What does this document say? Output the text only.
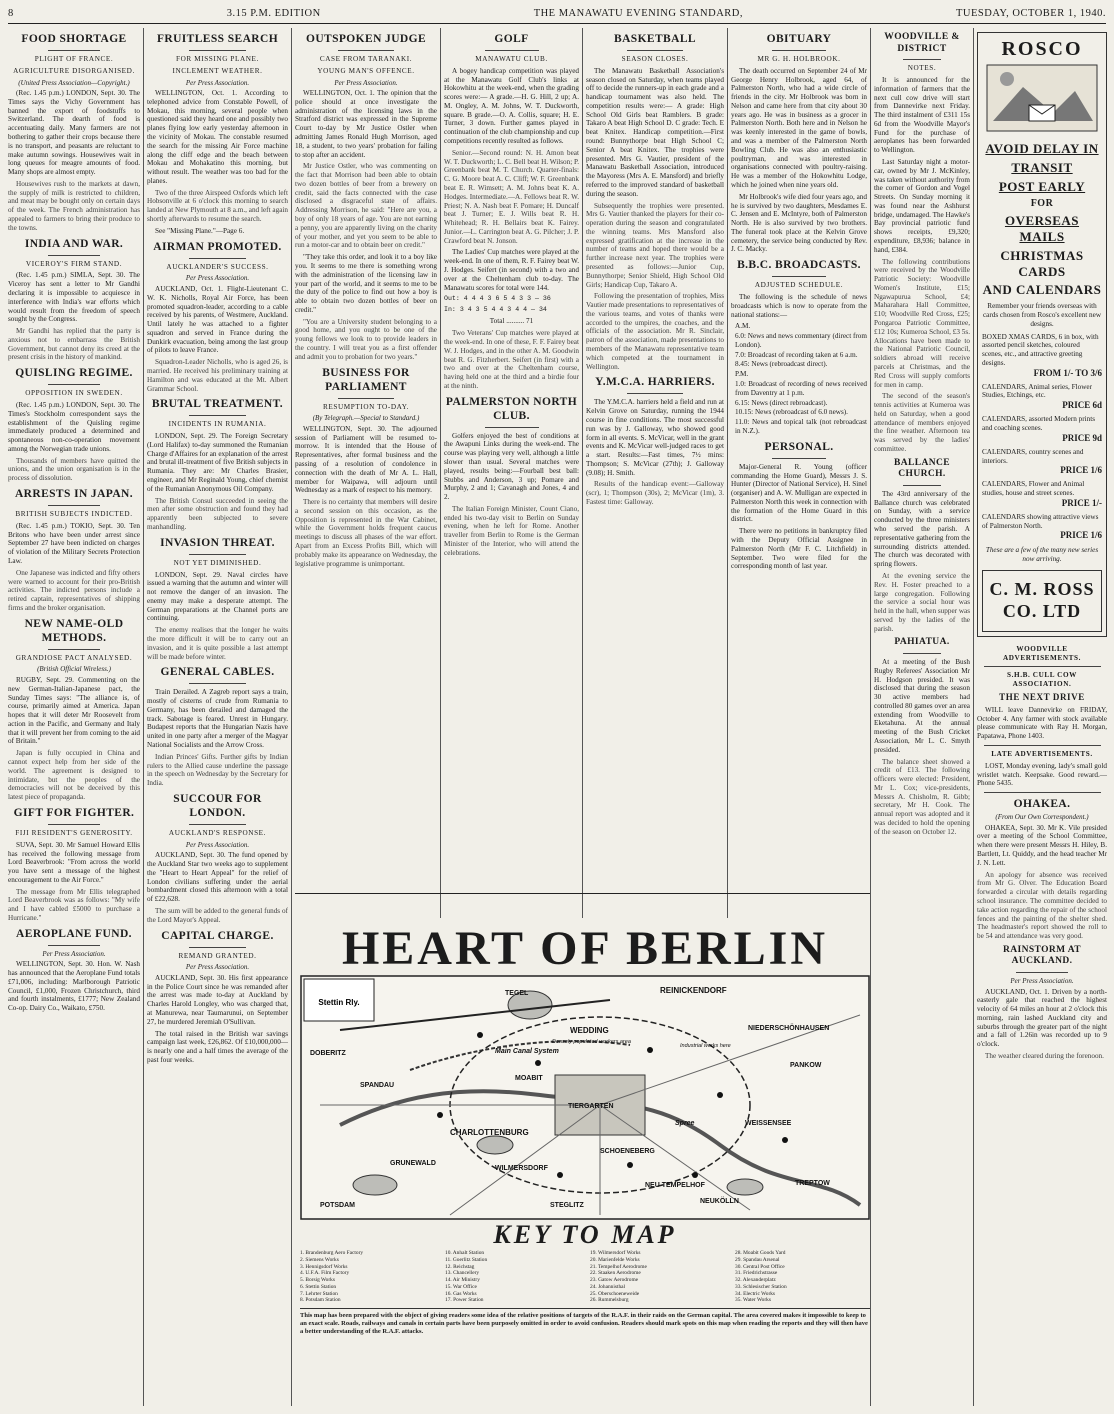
8	3.15 P.M. EDITION	THE MANAWATU EVENING STANDARD,	TUESDAY, OCTOBER 1, 1940.
FOOD SHORTAGE
PLIGHT OF FRANCE.
AGRICULTURE DISORGANISED.
(United Press Association—Copyright.)

(Rec. 1.45 p.m.) LONDON, Sept. 30. The Times says the Vichy Government has banned the export of foodstuffs to Switzerland. The dearth of food is accentuating daily. Many farmers are not bothering to gather their crops because there is no transport, and peasants are reluctant to make autumn sowings. Housewives wait in long queues for meagre amounts of food. Many shops are almost empty.

Housewives rush to the markets at dawn, the supply of milk is restricted to children, and meat may be bought only on certain days of the week. The French administration has appealed to farmers to bring their produce to the towns.

INDIA AND WAR.
VICEROY'S FIRM STAND.

(Rec. 1.45 p.m.) SIMLA, Sept. 30. The Viceroy has sent a letter to Mr Gandhi declaring it is impossible to acquiesce in interference with India's war efforts which would result from the freedom of speech sought by the Congress.

Mr Gandhi has replied that the party is anxious not to embarrass the British Government, but cannot deny its creed at the present crisis in the history of mankind.

QUISLING REGIME.
OPPOSITION IN SWEDEN.

(Rec. 1.45 p.m.) LONDON, Sept. 30. The Times's Stockholm correspondent says the establishment of the Quisling regime immediately produced a determined and spontaneous non-co-operation movement among the Norwegian trade unions.

Thousands of members have quitted the unions, and the union organisation is in the process of dissolution.

ARRESTS IN JAPAN.
BRITISH SUBJECTS INDICTED.

(Rec. 1.45 p.m.) TOKIO, Sept. 30. Ten Britons who have been under arrest since September 27 have been indicted on charges of violation of the Military Secrets Protection Law.

One Japanese was indicted and fifty others were warned to account for their pro-British activities. The indicted persons include a retired captain, representatives of shipping firms and the broker organisation.

NEW NAME-OLD METHODS.
GRANDIOSE PACT ANALYSED.
(British Official Wireless.)

RUGBY, Sept. 29. Commenting on the new German-Italian-Japanese pact, the Sunday Times says: "The alliance is, of course, primarily aimed at America. Japan hopes that it will deter Mr Roosevelt from action in the Pacific, and Germany and Italy that it will prevent her from coming to the aid of Britain."

Japan is fully occupied in China and cannot expect help from her side of the world. The agreement is designed to intimidate, but the peoples of the democracies will not be deceived by this latest piece of propaganda.

GIFT FOR FIGHTER.
FIJI RESIDENT'S GENEROSITY.

SUVA, Sept. 30. Mr Samuel Howard Ellis has received the following message from Lord Beaverbrook: "From across the world you have sent a message of the highest encouragement to the Air Force."

The message from Mr Ellis telegraphed Lord Beaverbrook was as follows: "My wife and I have cabled £5000 to purchase a Hurricane."

AEROPLANE FUND.
Per Press Association.

WELLINGTON, Sept. 30. Hon. W. Nash has announced that the Aeroplane Fund totals £71,006, including: Marlborough Patriotic Council, £1,000, Frozen Christchurch, third and fourth instalments, £1777; New Zealand Co-op. Dairy Co., Waikato, £750.

FRUITLESS SEARCH
FOR MISSING PLANE.
INCLEMENT WEATHER.
Per Press Association.

WELLINGTON, Oct. 1. According to telephoned advice from Constable Powell, of Mokau, this morning, several people when questioned said they heard one and possibly two planes flying low early yesterday afternoon in the vicinity of Mokau. The constable resumed the search for the missing Air Force machine along the cliff edge and the beach between Mokau and Mohakatino this morning, but without result. The weather was too bad for the planes.

Two of the three Airspeed Oxfords which left Hobsonville at 6 o'clock this morning to search landed at New Plymouth at 8 a.m., and left again shortly afterwards to resume the search.

See "Missing Plane."—Page 6.

AIRMAN PROMOTED.
AUCKLANDER'S SUCCESS.
Per Press Association.

AUCKLAND, Oct. 1. Flight-Lieutenant C. W. K. Nicholls, Royal Air Force, has been promoted squadron-leader, according to a cable received by his parents, of Westmere, Auckland. Until lately he was attached to a fighter squadron and served in France during the Dunkirk evacuation, being among the last group of pilots to leave France.

Squadron-Leader Nicholls, who is aged 26, is married. He received his preliminary training at Hamilton and was educated at the Mt. Albert Grammar School.

BRUTAL TREATMENT.
INCIDENTS IN RUMANIA.

LONDON, Sept. 29. The Foreign Secretary (Lord Halifax) to-day summoned the Rumanian Charge d'Affaires for an explanation of the arrest and brutal ill-treatment of five British subjects in Rumania. They are: Mr Charles Brasier, engineer, and Mr Reginald Young, chief chemist of the Rumanian Anonymous Oil Company.

The British Consul succeeded in seeing the men after some obstruction and found they had apparently been subjected to severe manhandling.

INVASION THREAT.
NOT YET DIMINISHED.

LONDON, Sept. 29. Naval circles have issued a warning that the autumn and winter will not remove the danger of an invasion. The enemy may make a desperate attempt. The German preparations at the Channel ports are continuing.

The enemy realises that the longer he waits the more difficult it will be to carry out an invasion, and it is quite possible a last attempt will be made before winter.

GENERAL CABLES.

Train Derailed. A Zagreb report says a train, mostly of cisterns of crude from Rumania to Germany, has been derailed and damaged the track. Sabotage is feared. Unrest in Hungary. Budapest reports that the Hungarian Nazis have united in one party after a merger of the Magyar National Socialists and the Arrow Cross.

Indian Princes' Gifts. Further gifts by Indian rulers to the Allied cause underline the passage in the speech on Wednesday by the Secretary for India.

SUCCOUR FOR LONDON.
AUCKLAND'S RESPONSE.
Per Press Association.

AUCKLAND, Sept. 30. The fund opened by the Auckland Star two weeks ago to supplement the "Heart to Heart Appeal" for the relief of London civilians suffering under the aerial bombardment closed this afternoon with a total of £22,628.

The sum will be added to the general funds of the Lord Mayor's Appeal.

CAPITAL CHARGE.
REMAND GRANTED.
Per Press Association.

AUCKLAND, Sept. 30. His first appearance in the Police Court since he was remanded after the arrest was made to-day at Auckland by Charles Harold Longley, who was charged that, at Manurewa, near Taumarunui, on September 27, he murdered Jeremiah O'Sullivan.

The total raised in the British war savings campaign last week, £26,862. Of £10,000,000—is nearly one and a half times the average of the past four weeks.

OUTSPOKEN JUDGE
CASE FROM TARANAKI.
YOUNG MAN'S OFFENCE.
Per Press Association.

WELLINGTON, Oct. 1. The opinion that the police should at once investigate the administration of the licensing laws in the Stratford district was expressed in the Supreme Court to-day by Mr Justice Ostler when admitting James Ronald Hugh Morrison, aged 18, a student, to two years' probation for failing to stop after an accident.

Mr Justice Ostler, who was commenting on the fact that Morrison had been able to obtain two dozen bottles of beer from a brewery on credit, said the facts connected with the case disclosed a disgraceful state of affairs. Addressing Morrison, he said: "Here are you, a boy of only 18 years of age. You are not earning a penny, you are apparently living on the charity of your mother, and yet you seem to be able to run a motor-car and to obtain beer on credit."

"They take this order, and look it to a boy like you. It seems to me there is something wrong with the administration of the licensing law in your part of the world, and it seems to me to be the duty of the police to find out how a boy is able to obtain two dozen bottles of beer on credit."

"You are a University student belonging to a good home, and you ought to be one of the young fellows we look to to provide leaders in the country. I will treat you as a first offender and admit you to probation for two years."

BUSINESS FOR PARLIAMENT
RESUMPTION TO-DAY.
(By Telegraph.—Special to Standard.)

WELLINGTON, Sept. 30. The adjourned session of Parliament will be resumed to-morrow. It is intended that the House of Representatives, after formal business and the passing of a resolution of condolence in connection with the death of Mr A. L. Hall, member for Waipawa, will adjourn until Wednesday as a mark of respect to his memory.

There is no certainty that members will desire a second session on this occasion, as the Opposition is represented in the War Cabinet, while the Government holds frequent caucus meetings to discuss all phases of the war effort. Apart from an Excess Profits Bill, which will probably make its appearance on Wednesday, the legislative programme is unimportant.

GOLF
MANAWATU CLUB.

A bogey handicap competition was played at the Manawatu Golf Club's links at Hokowhitu at the week-end, when the grading scores were:— A grade.—H. G. Hill, 2 up; A. M. Ongley, A. M. Johns, W. T. Duckworth, square. B grade.—O. A. Collis, square; H. E. Turner, 3 down. Further games played in continuation of the club championship and cup competitions recently resulted as follows.

Senior.—Second round: N. H. Amon beat W. T. Duckworth; L. C. Bell beat H. Wilson; P. Greenbank beat M. T. Church. Quarter-finals: C. G. Moore beat A. C. Cliff; W. F. Greenbank beat E. R. Wimsett; A. M. Johns beat K. A. Hodges. Intermediate.—A. Fellows beat R. W. Priest; N. A. Nash beat F. Pomare; H. Duncalf beat J. Turner; E. J. Wills beat R. H. Whitehead; R. H. Bellairs beat K. Fairey. Junior.—L. Carrington beat A. G. Pilcher; J. P. Crawford beat N. Jonson.

The Ladies' Cup matches were played at the week-end. In one of them, R. F. Fairey beat W. J. Hodges. Seifert (in second) with a two and over at the Cheltenham club to-day. The Manawatu scores for total were 144.

Out: 4 4 4 3 6 5 4 3 3 — 36

In: 3 4 3 5 4 4 3 4 4 — 34

Total .......... 71

Two Veterans' Cup matches were played at the week-end. In one of these, F. F. Fairey beat W. J. Hodges, and in the other A. M. Goodwin beat R. G. Fitzherbert. Seifert (in first) with a two and over at the Cheltenham course, having held one at the third and a birdie four at the ninth.

PALMERSTON NORTH CLUB.

Golfers enjoyed the best of conditions at the Awapuni Links during the week-end. The course was playing very well, although a little slower than usual. Several matches were played, results being:—Fourball best ball: Stubbs and Anderson, 3 up; Pomare and Murphy, 2 and 1; Cavanagh and Jones, 4 and 2.

The Italian Foreign Minister, Count Ciano, ended his two-day visit to Berlin on Sunday evening, when he left for Rome. Another traveller from Berlin to Rome is the German Minister of the Interior, who will attend the celebrations.

BASKETBALL
SEASON CLOSES.

The Manawatu Basketball Association's season closed on Saturday, when teams played off to decide the runners-up in each grade and a handicap tournament was also held. The competition results were:— A grade: High School Old Girls beat Ramblers. B grade: Takaro A beat High School D. C grade: Tech. E beat Knitex. Handicap competition.—First round: Bunnythorpe beat High School C; Senior A beat Knitex. The trophies were presented. Mrs G. Vautier, president of the Manawatu Basketball Association, introduced the Mayoress (Mrs A. E. Mansford) and briefly referred to the improved standard of basketball during the season.

Subsequently the trophies were presented. Mrs G. Vautier thanked the players for their co-operation during the season and congratulated the winning teams. Mrs Mansford also expressed gratification at the increase in the number of teams and hoped there would be a further increase next year. The trophies were presented as follows:—Junior Cup, Bunnythorpe; Senior Shield, High School Old Girls; Handicap Cup, Takaro A.

Following the presentation of trophies, Miss Vautier made presentations to representatives of the various teams, and votes of thanks were accorded to the umpires, the coaches, and the officials of the association. Mr R. Sinclair, patron of the association, made presentations to members of the Manawatu representative team which competed at the tournament in Wellington.

Y.M.C.A. HARRIERS.

The Y.M.C.A. harriers held a field and run at Kelvin Grove on Saturday, running the 1944 course in fine conditions. The most successful run was by J. Galloway, who showed good form in all events. S. McVicar, well in the grant events and K. McVicar well-judged races to get a start. Results:—Fast times, 7½ mins: Thompson; S. McVicar (27th); J. Galloway (9.08); H. Smith.

Results of the handicap event:—Galloway (scr), 1; Thompson (30s), 2; McVicar (1m), 3. Fastest time: Galloway.

OBITUARY
MR G. H. HOLBROOK.

The death occurred on September 24 of Mr George Henry Holbrook, aged 64, of Palmerston North, who had a wide circle of friends in the city. Mr Holbrook was born in Nelson and came here from that city about 30 years ago. He was in business as a grocer in Palmerston North. Both here and in Nelson he was keenly interested in the game of bowls, and was a member of the Palmerston North Bowling Club. He was also an enthusiastic poultryman, and was interested in organisations connected with poultry-raising. He was a member of the Hokowhitu Lodge, which he joined when nine years old.

Mr Holbrook's wife died four years ago, and he is survived by two daughters, Mesdames E. C. Jensen and E. McIntyre, both of Palmerston North. He is also survived by two brothers. The funeral took place at the Kelvin Grove cemetery, the service being conducted by Rev. J. C. Macky.

B.B.C. BROADCASTS.
ADJUSTED SCHEDULE.

The following is the schedule of news broadcasts which is now to operate from the national stations:—

A.M.
6.0: News and news commentary (direct from London).
7.0: Broadcast of recording taken at 6 a.m.
8.45: News (rebroadcast direct).
P.M.
1.0: Broadcast of recording of news received from Daventry at 1 p.m.
6.15: News (direct rebroadcast).
10.15: News (rebroadcast of 6.0 news).
11.0: News and topical talk (not rebroadcast in N.Z.).
PERSONAL.

Major-General R. Young (officer commanding the Home Guard), Messrs J. S. Hunter (Director of National Service), H. Sinel (organiser) and A. W. Mulligan are expected in Palmerston North this week in connection with the formation of the Home Guard in this district.

There were no petitions in bankruptcy filed with the Deputy Official Assignee in Palmerston North (Mr F. C. Litchfield) in September. Two were filed for the corresponding month of last year.

WOODVILLE & DISTRICT
NOTES.

It is announced for the information of farmers that the next cull cow drive will start from Dannevirke next Friday. The third instalment of £311 15s 6d from the Woodville Mayor's Fund for the purchase of aeroplanes has been forwarded to Wellington.

Last Saturday night a motor-car, owned by Mr J. McKinley, was taken without authority from the corner of Gordon and Vogel Streets. On Sunday morning it was found near the Ashhurst bridge, undamaged. The Hawke's Bay provincial patriotic fund shows receipts, £9,320; expenditure, £8,936; balance in hand, £384.

The following contributions were received by the Woodville Patriotic Society: Woodville Women's Institute, £15; Ngawapurua School, £4; Maharahara Hall Committee, £10; Woodville Red Cross, £25; Pongaroa Patriotic Committee, £12 10s; Kumeroa School, £3 5s. Allocations have been made to the National Patriotic Council, soldiers abroad will receive parcels at Christmas, and the Red Cross will supply comforts for men in camp.

The second of the season's tennis activities at Kumeroa was held on Saturday, when a good attendance of members enjoyed the fine weather. Afternoon tea was served by the ladies' committee.

BALLANCE CHURCH.

The 43rd anniversary of the Ballance church was celebrated on Sunday, with a service conducted by the three ministers who served the parish. A representative gathering from the surrounding districts attended. The church was decorated with spring flowers.

At the evening service the Rev. H. Foster preached to a large congregation. Following the service a social hour was held in the hall, when supper was served by the ladies of the parish.

PAHIATUA.

At a meeting of the Bush Rugby Referees' Association Mr H. Hodgson presided. It was disclosed that during the season 30 active members had controlled 80 games over an area extending from Woodville to Eketahuna. At the annual meeting of the Bush Cricket Association, Mr L. C. Smyth presided.

The balance sheet showed a credit of £13. The following officers were elected: President, Mr L. Cox; vice-presidents, Messrs A. Chisholm, R. Gibb; secretary, Mr H. Cook. The annual report was adopted and it was decided to hold the opening of the season on October 12.

ROSCO
AVOID DELAY IN
TRANSIT
POST EARLY
FOR
OVERSEAS MAILS
CHRISTMAS CARDS
AND CALENDARS
Remember your friends overseas with cards chosen from Rosco's excellent new designs.
BOXED XMAS CARDS, 6 in box, with assorted pencil sketches, coloured scenes, etc., and attractive greeting designs.
FROM 1/- TO 3/6
CALENDARS, Animal series, Flower Studies, Etchings, etc.
PRICE 6d
CALENDARS, assorted Modern prints and coaching scenes.
PRICE 9d
CALENDARS, country scenes and interiors.
PRICE 1/6
CALENDARS, Flower and Animal studies, house and street scenes.
PRICE 1/-
CALENDARS showing attractive views of Palmerston North.
PRICE 1/6
These are a few of the many new series now arriving.
C. M. ROSS CO. LTD
WOODVILLE ADVERTISEMENTS.
S.H.B. CULL COW ASSOCIATION.
THE NEXT DRIVE

WILL leave Dannevirke on FRIDAY, October 4. Any farmer with stock available please communicate with Ray H. Morgan, Papatawa, Phone 1403.

LATE ADVERTISEMENTS.

LOST, Monday evening, lady's small gold wristlet watch. Keepsake. Good reward.—Phone 5435.

OHAKEA.
(From Our Own Correspondent.)

OHAKEA, Sept. 30. Mr K. Vile presided over a meeting of the School Committee, when there were present Messrs H. Hiley, B. Bartlett, Lt. Quiddy, and the head teacher Mr J. N. Lett.

An apology for absence was received from Mr G. Olver. The Education Board forwarded a circular with details regarding school insurance. The committee decided to take action regarding the repair of the school fences and the painting of the shelter shed. The headmaster's report showed the roll to be 54 and attendance was very good.

RAINSTORM AT AUCKLAND.
Per Press Association.

AUCKLAND, Oct. 1. Driven by a north-easterly gale that reached the highest velocity of 64 miles an hour at 2 o'clock this morning, rain lashed Auckland city and suburbs through the greater part of the night and a fall of 1.26in was recorded up to 9 o'clock.

The weather cleared during the forenoon.

HEART OF BERLIN
Stettin Rly.
REINICKENDORF
TEGEL
WEDDING
Densely populated workers area
MOABIT
NIEDERSCHÖNHAUSEN
Industrial works here
PANKOW
SPANDAU
DOBERITZ
CHARLOTTENBURG
WEISSENSEE
TIERGARTEN
WILMERSDORF
SCHOENEBERG
STEGLITZ
NEU TEMPELHOF
NEUKÖLLN
TREPTOW
GRUNEWALD
POTSDAM
Spree
Main Canal System
KEY TO MAP
1. Brandenburg Aero Factory
2. Siemens Works
3. Hennigsdorf Works
4. U.F.A. Film Factory
5. Borsig Works
6. Stettin Station
7. Lehrter Station
8. Potsdam Station
10. Anhalt Station
11. Goerlitz Station
12. Reichstag
13. Chancellery
14. Air Ministry
15. War Office
16. Gas Works
17. Power Station
19. Wilmersdorf Works
20. Marienfelde Works
21. Tempelhof Aerodrome
22. Staaken Aerodrome
23. Gatow Aerodrome
24. Johannisthal
25. Oberschoeneweide
26. Rummelsburg
28. Moabit Goods Yard
29. Spandau Arsenal
30. Central Post Office
31. Friedrichstrasse
32. Alexanderplatz
33. Schlesischer Station
34. Electric Works
35. Water Works
This map has been prepared with the object of giving readers some idea of the relative positions of targets of the R.A.F. in their raids on the German capital. The area covered makes it impossible to keep to an exact scale. Roads, railways and canals in certain parts have been purposely omitted in order to avoid confusion. Readers should mark spots on this map when reading the reports and they will then have a better understanding of the R.A.F. attacks.
